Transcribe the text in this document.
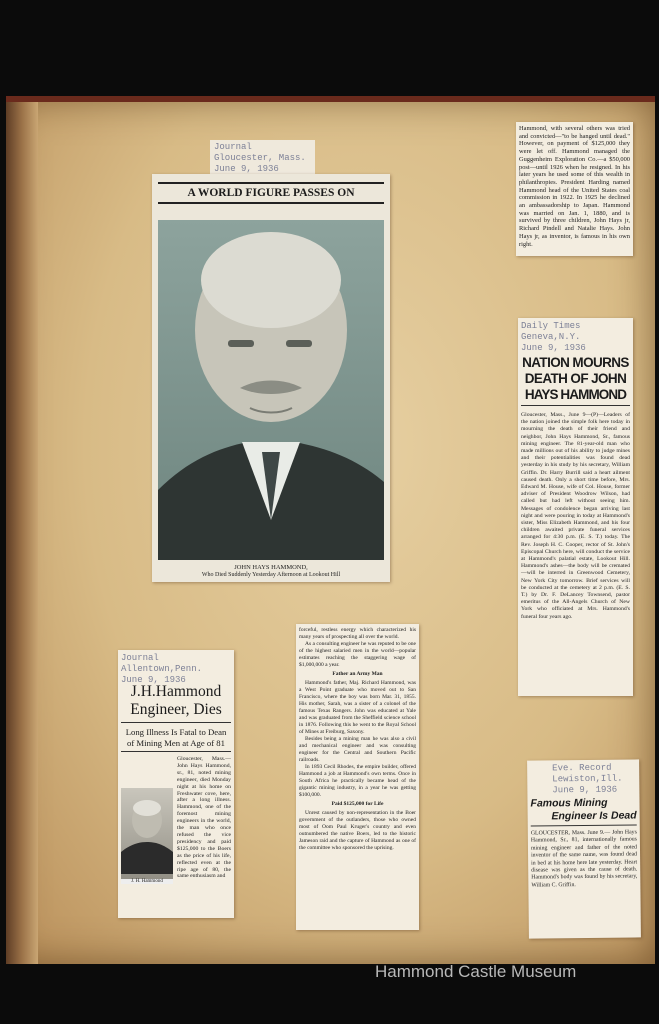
Journal
Gloucester, Mass.
June 9, 1936
A WORLD FIGURE PASSES ON
JOHN HAYS HAMMOND,
Who Died Suddenly Yesterday Afternoon at Lookout Hill
Hammond, with several others was tried and convicted—"to be hanged until dead." However, on payment of $125,000 they were let off. Hammond managed the Guggenheim Exploration Co.—a $50,000 post—until 1926 when he resigned. In his later years he used some of this wealth in philanthropies. President Harding named Hammond head of the United States coal commission in 1922. In 1925 he declined an ambassadorship to Japan. Hammond was married on Jan. 1, 1880, and is survived by three children, John Hays jr, Richard Pindell and Natalie Hays. John Hays jr, as inventor, is famous in his own right.
Daily Times
Geneva,N.Y.
June 9, 1936
NATION MOURNS
DEATH OF JOHN
HAYS HAMMOND
Gloucester, Mass., June 9—(P)—Leaders of the nation joined the simple folk here today in mourning the death of their friend and neighbor, John Hays Hammond, Sr., famous mining engineer. The 81-year-old man who made millions out of his ability to judge mines and their potentialities was found dead yesterday in his study by his secretary, William Griffin. Dr. Harry Burrill said a heart ailment caused death. Only a short time before, Mrs. Edward M. House, wife of Col. House, former adviser of President Woodrow Wilson, had called but had left without seeing him. Messages of condolence began arriving last night and were pouring in today at Hammond's sister, Miss Elizabeth Hammond, and his four children awaited private funeral services arranged for 4:30 p.m. (E. S. T.) today. The Rev. Joseph H. C. Cooper, rector of St. John's Episcopal Church here, will conduct the service at Hammond's palatial estate, Lookout Hill. Hammond's ashes—the body will be cremated—will be interred in Greenwood Cemetery, New York City tomorrow. Brief services will be conducted at the cemetery at 2 p.m. (E. S. T.) by Dr. F. DeLancey Townsend, pastor emeritus of the All-Angels Church of New York who officiated at Mrs. Hammond's funeral four years ago.
Journal
Allentown,Penn.
June 9, 1936
J.H.Hammond
Engineer, Dies
Long Illness Is Fatal to Dean of Mining Men at Age of 81
J. H. Hammond
Gloucester, Mass.—John Hays Hammond, sr., 81, noted mining engineer, died Monday night at his home on Freshwater cove, here, after a long illness. Hammond, one of the foremost mining engineers in the world, the man who once refused the vice presidency and paid $125,000 to the Boers as the price of his life, reflected even at the ripe age of 80, the same enthusiasm and
forceful, restless energy which characterized his many years of prospecting all over the world.
As a consulting engineer he was reputed to be one of the highest salaried men in the world—popular estimates reaching the staggering wage of $1,000,000 a year.
Father an Army Man
Hammond's father, Maj. Richard Hammond, was a West Point graduate who moved out to San Francisco, where the boy was born Mar. 31, 1855. His mother, Sarah, was a sister of a colonel of the famous Texas Rangers. John was educated at Yale and was graduated from the Sheffield science school in 1876. Following this he went to the Royal School of Mines at Freiburg, Saxony.
Besides being a mining man he was also a civil and mechanical engineer and was consulting engineer for the Central and Southern Pacific railroads.
In 1893 Cecil Rhodes, the empire builder, offered Hammond a job at Hammond's own terms. Once in South Africa he practically became head of the gigantic mining industry, in a year he was getting $100,000.
Paid $125,000 for Life
Unrest caused by non-representation in the Boer government of the outlanders, those who owned most of Oom Paul Kruger's country and even outnumbered the native Boers, led to the historic Jameson raid and the capture of Hammond as one of the committee who sponsored the uprising.
Eve. Record
Lewiston,Ill.
June 9, 1936
Famous Mining
Engineer Is Dead
GLOUCESTER, Mass. June 9.— John Hays Hammond, Sr., 81, internationally famous mining engineer and father of the noted inventor of the same name, was found dead in bed at his home here late yesterday. Heart disease was given as the cause of death. Hammond's body was found by his secretary, William C. Griffin.
Hammond Castle Museum
